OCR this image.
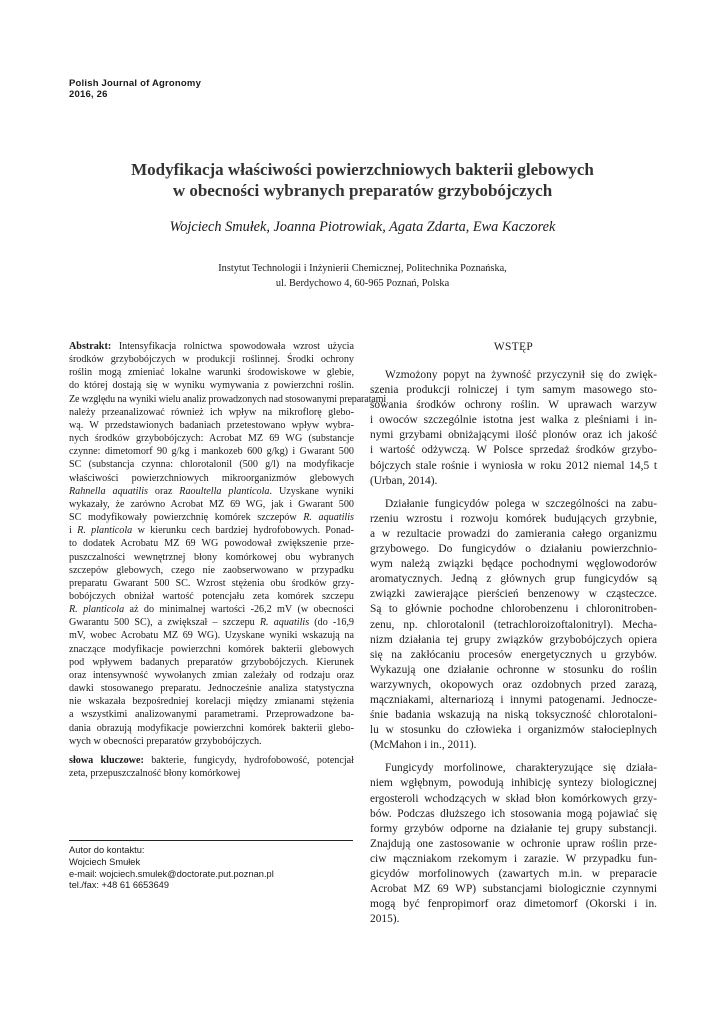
Polish Journal of Agronomy
2016, 26
Modyfikacja właściwości powierzchniowych bakterii glebowych
w obecności wybranych preparatów grzybobójczych
Wojciech Smułek, Joanna Piotrowiak, Agata Zdarta, Ewa Kaczorek
Instytut Technologii i Inżynierii Chemicznej, Politechnika Poznańska,
ul. Berdychowo 4, 60-965 Poznań, Polska
Abstrakt: Intensyfikacja rolnictwa spowodowała wzrost użycia
środków grzybobójczych w produkcji roślinnej. Środki ochrony
roślin mogą zmieniać lokalne warunki środowiskowe w glebie,
do której dostają się w wyniku wymywania z powierzchni roślin.
Ze względu na wyniki wielu analiz prowadzonych nad stosowanymi preparatami
należy przeanalizować również ich wpływ na mikroflorę glebo-
wą. W przedstawionych badaniach przetestowano wpływ wybra-
nych środków grzybobójczych: Acrobat MZ 69 WG (substancje
czynne: dimetomorf 90 g/kg i mankozeb 600 g/kg) i Gwarant 500
SC (substancja czynna: chlorotalonil (500 g/l) na modyfikacje
właściwości powierzchniowych mikroorganizmów glebowych
Rahnella aquatilis oraz Raoultella planticola. Uzyskane wyniki
wykazały, że zarówno Acrobat MZ 69 WG, jak i Gwarant 500
SC modyfikowały powierzchnię komórek szczepów R. aquatilis
i R. planticola w kierunku cech bardziej hydrofobowych. Ponad-
to dodatek Acrobatu MZ 69 WG powodował zwiększenie prze-
puszczalności wewnętrznej błony komórkowej obu wybranych
szczepów glebowych, czego nie zaobserwowano w przypadku
preparatu Gwarant 500 SC. Wzrost stężenia obu środków grzy-
bobójczych obniżał wartość potencjału zeta komórek szczepu
R. planticola aż do minimalnej wartości -26,2 mV (w obecności
Gwarantu 500 SC), a zwiększał – szczepu R. aquatilis (do -16,9
mV, wobec Acrobatu MZ 69 WG). Uzyskane wyniki wskazują na
znaczące modyfikacje powierzchni komórek bakterii glebowych
pod wpływem badanych preparatów grzybobójczych. Kierunek
oraz intensywność wywołanych zmian zależały od rodzaju oraz
dawki stosowanego preparatu. Jednocześnie analiza statystyczna
nie wskazała bezpośredniej korelacji między zmianami stężenia
a wszystkimi analizowanymi parametrami. Przeprowadzone ba-
dania obrazują modyfikacje powierzchni komórek bakterii glebo-
wych w obecności preparatów grzybobójczych.
słowa kluczowe: bakterie, fungicydy, hydrofobowość, potencjał
zeta, przepuszczalność błony komórkowej
Autor do kontaktu:
Wojciech Smułek
e-mail: wojciech.smulek@doctorate.put.poznan.pl
tel./fax: +48 61 6653649
WSTĘP
Wzmożony popyt na żywność przyczynił się do zwięk-
szenia produkcji rolniczej i tym samym masowego sto-
sowania środków ochrony roślin. W uprawach warzyw
i owoców szczególnie istotna jest walka z pleśniami i in-
nymi grzybami obniżającymi ilość plonów oraz ich jakość
i wartość odżywczą. W Polsce sprzedaż środków grzybo-
bójczych stale rośnie i wyniosła w roku 2012 niemal 14,5 t
(Urban, 2014).
Działanie fungicydów polega w szczególności na zabu-
rzeniu wzrostu i rozwoju komórek budujących grzybnie,
a w rezultacie prowadzi do zamierania całego organizmu
grzybowego. Do fungicydów o działaniu powierzchnio-
wym należą związki będące pochodnymi węglowodorów
aromatycznych. Jedną z głównych grup fungicydów są
związki zawierające pierścień benzenowy w cząsteczce.
Są to głównie pochodne chlorobenzenu i chloronitroben-
zenu, np. chlorotalonil (tetrachloroizoftalonitryl). Mecha-
nizm działania tej grupy związków grzybobójczych opiera
się na zakłócaniu procesów energetycznych u grzybów.
Wykazują one działanie ochronne w stosunku do roślin
warzywnych, okopowych oraz ozdobnych przed zarazą,
mączniakami, alternariozą i innymi patogenami. Jednocze-
śnie badania wskazują na niską toksyczność chlorotaloni-
lu w stosunku do człowieka i organizmów stałocieplnych
(McMahon i in., 2011).
Fungicydy morfolinowe, charakteryzujące się działa-
niem wgłębnym, powodują inhibicję syntezy biologicznej
ergosteroli wchodzących w skład błon komórkowych grzy-
bów. Podczas dłuższego ich stosowania mogą pojawiać się
formy grzybów odporne na działanie tej grupy substancji.
Znajdują one zastosowanie w ochronie upraw roślin prze-
ciw mączniakom rzekomym i zarazie. W przypadku fun-
gicydów morfolinowych (zawartych m.in. w preparacie
Acrobat MZ 69 WP) substancjami biologicznie czynnymi
mogą być fenpropimorf oraz dimetomorf (Okorski i in.
2015).
